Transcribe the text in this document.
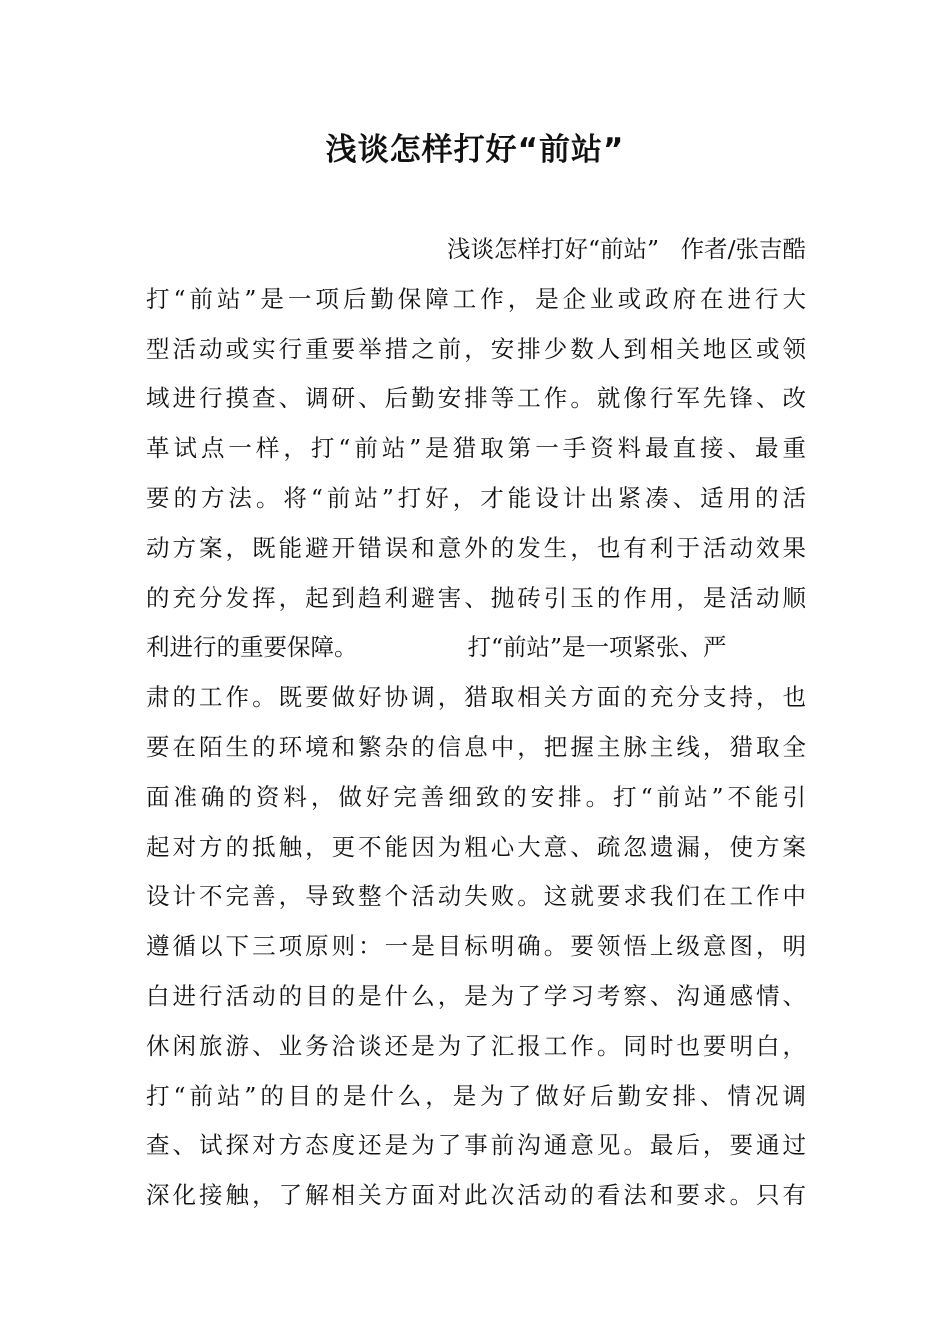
浅谈怎样打好“前站”
浅谈怎样打好“前站” 作者/张吉酷
打“前站”是一项后勤保障工作，是企业或政府在进行大
型活动或实行重要举措之前，安排少数人到相关地区或领
域进行摸查、调研、后勤安排等工作。就像行军先锋、改
革试点一样，打“前站”是猎取第一手资料最直接、最重
要的方法。将“前站”打好，才能设计出紧凑、适用的活
动方案，既能避开错误和意外的发生，也有利于活动效果
的充分发挥，起到趋利避害、抛砖引玉的作用，是活动顺
利进行的重要保障。	打“前站”是一项紧张、严
肃的工作。既要做好协调，猎取相关方面的充分支持，也
要在陌生的环境和繁杂的信息中，把握主脉主线，猎取全
面准确的资料，做好完善细致的安排。打“前站”不能引
起对方的抵触，更不能因为粗心大意、疏忽遗漏，使方案
设计不完善，导致整个活动失败。这就要求我们在工作中
遵循以下三项原则：一是目标明确。要领悟上级意图，明
白进行活动的目的是什么，是为了学习考察、沟通感情、
休闲旅游、业务洽谈还是为了汇报工作。同时也要明白，
打“前站”的目的是什么，是为了做好后勤安排、情况调
查、试探对方态度还是为了事前沟通意见。最后，要通过
深化接触，了解相关方面对此次活动的看法和要求。只有
